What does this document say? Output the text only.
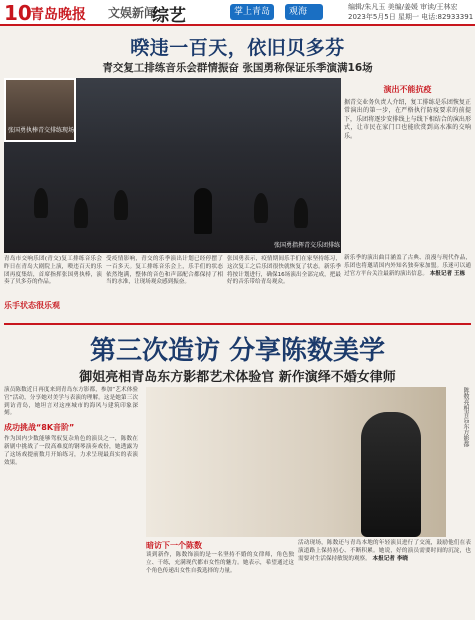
10
青岛晚报 文娱新闻
综艺	掌上青岛	观海	编辑/朱凡玉 美编/姜媛 审读/王林宏
2023年5月5日 星期一 电话:82933391
暌违一百天，依旧贝多芬
青交复工排练音乐会群情振奋 张国勇称保证乐季演满16场
张国勇执棒青交排练现场
张国勇指挥青交乐团排练
演出不能抗疫

据青交业务负责人介绍，复工排练是乐团恢复正常演出的第一步，在严格执行防疫要求的前提下，乐团将逐步安排线上与线下相结合的演出形式，让市民在家门口也能欣赏到高水准的交响乐。

青岛市交响乐团(青交)复工排练音乐会昨日在青岛大剧院上演，暌违百天的乐团再度集结，首席指挥张国勇执棒，演奏了贝多芬的作品。

乐手状态很乐观

受疫情影响，青交的乐季演出计划已经停摆了一百多天。复工排练音乐会上，乐手们的状态依然饱满，整体的音色和声部配合都保持了相当的水准，让现场观众感到振奋。

张国勇表示，疫情期间乐手们在家坚持练习，这次复工之后乐团很快就恢复了状态。新乐季将按计划进行，确保16场演出全部完成，把最好的音乐带给青岛观众。

新乐季的演出曲目涵盖了古典、浪漫与现代作品，乐团也将邀请国内外知名独奏家加盟。乐迷可以通过官方平台关注最新的演出信息。 本报记者 王栋
第三次造访 分享陈数美学
御姐亮相青岛东方影都艺术体验官 新作演绎不婚女律师

演员陈数近日再度来到青岛东方影都，参加“艺术体验官”活动，分享她对美学与表演的理解。这是她第三次到访青岛，她坦言对这座城市的海风与建筑印象深刻。

成功挑战“8K音阶”

作为国内少数能够驾驭复杂角色的演员之一，陈数在新剧中挑战了一段高难度的钢琴演奏戏份，她透露为了这场戏提前数月开始练习，力求呈现最真实的表演效果。

陈数亮相青岛东方影都
暗访下一个陈数

谈到新作，陈数饰演的是一名坚持不婚的女律师，角色独立、干练，充满现代都市女性的魅力。她表示，希望通过这个角色传递出女性自我选择的力量。

活动现场，陈数还与青岛本地的年轻演员进行了交流，鼓励他们在表演道路上保持初心、不断积累。她说，好的演员需要时间的沉淀，也需要对生活保持敏锐的观察。 本报记者 李晓
